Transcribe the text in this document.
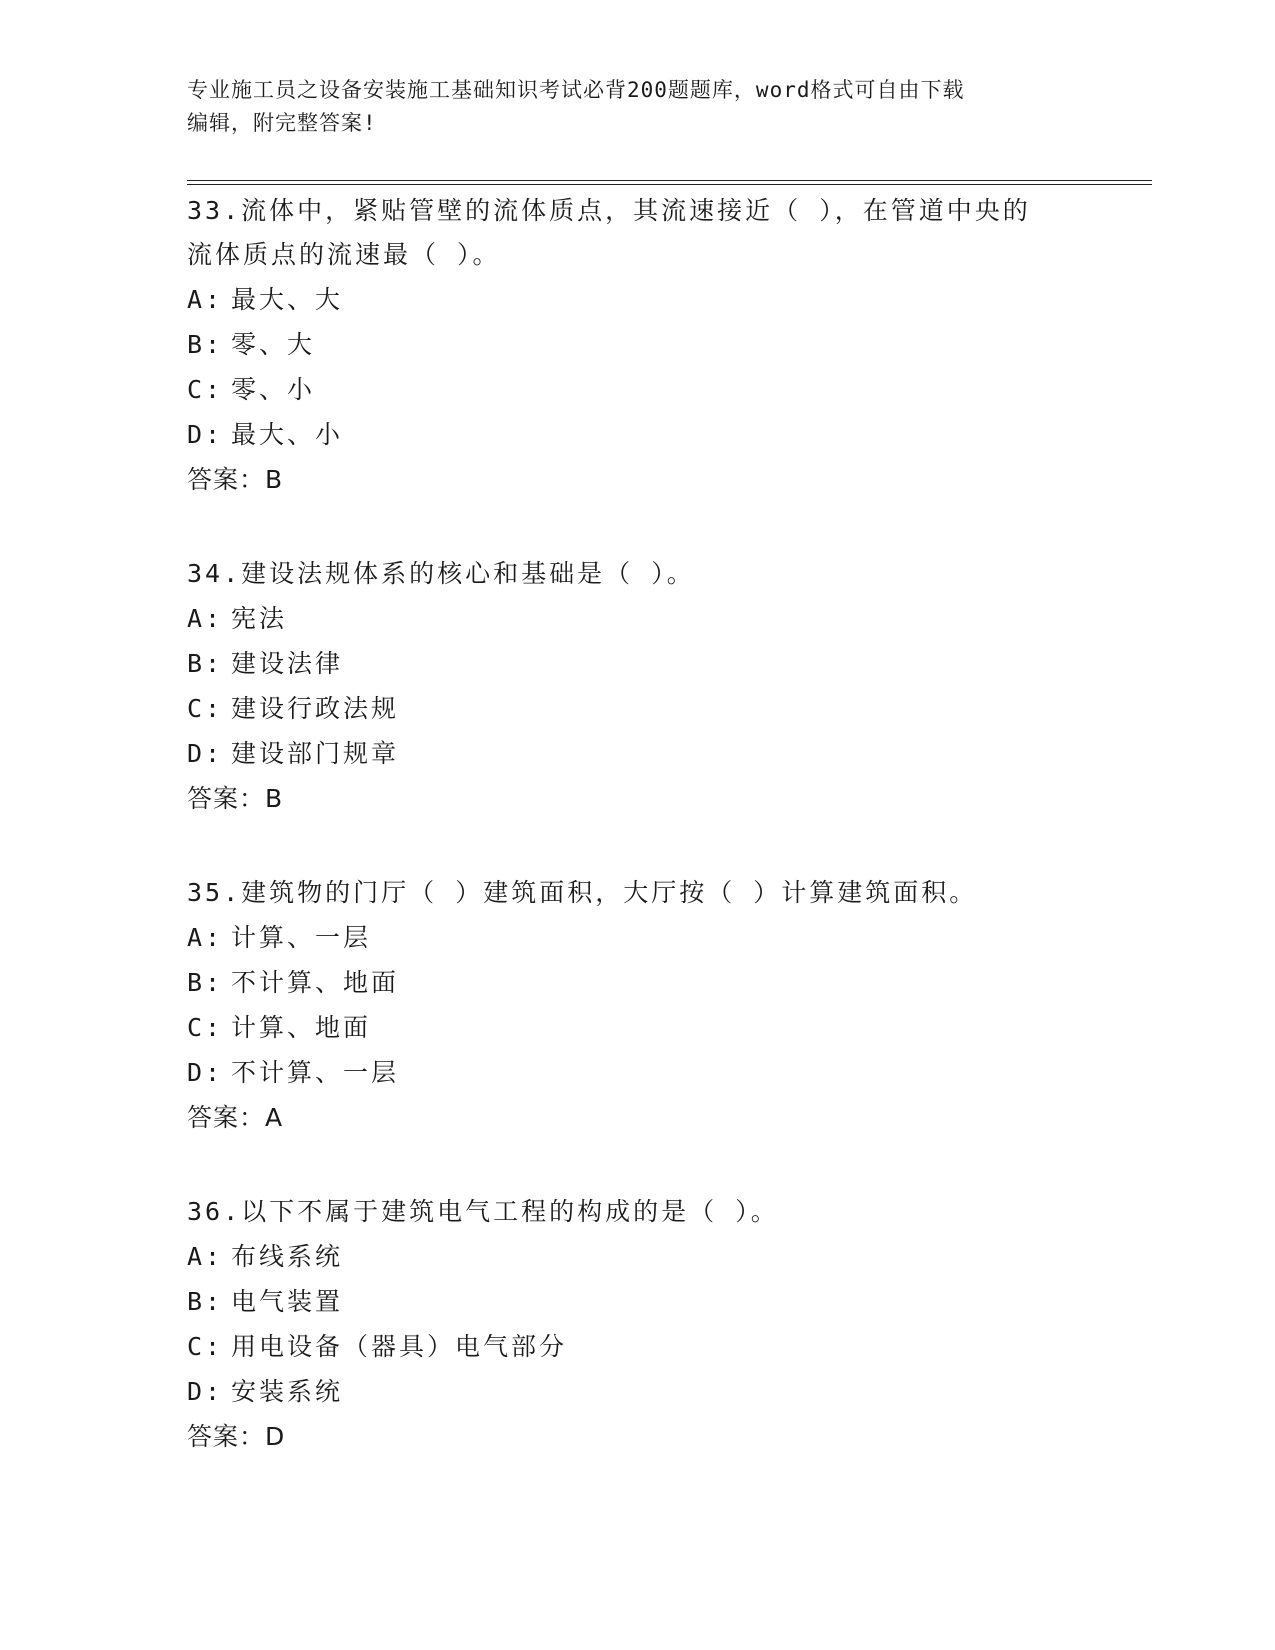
专业施工员之设备安装施工基础知识考试必背200题题库，word格式可自由下载
编辑，附完整答案!
33.流体中，紧贴管壁的流体质点，其流速接近（ ），在管道中央的
流体质点的流速最（ ）。
A: 最大、大
B: 零、大
C: 零、小
D: 最大、小
答案：B
34.建设法规体系的核心和基础是（ ）。
A: 宪法
B: 建设法律
C: 建设行政法规
D: 建设部门规章
答案：B
35.建筑物的门厅（ ）建筑面积，大厅按（ ）计算建筑面积。
A: 计算、一层
B: 不计算、地面
C: 计算、地面
D: 不计算、一层
答案：A
36.以下不属于建筑电气工程的构成的是（ ）。
A: 布线系统
B: 电气装置
C: 用电设备（器具）电气部分
D: 安装系统
答案：D
